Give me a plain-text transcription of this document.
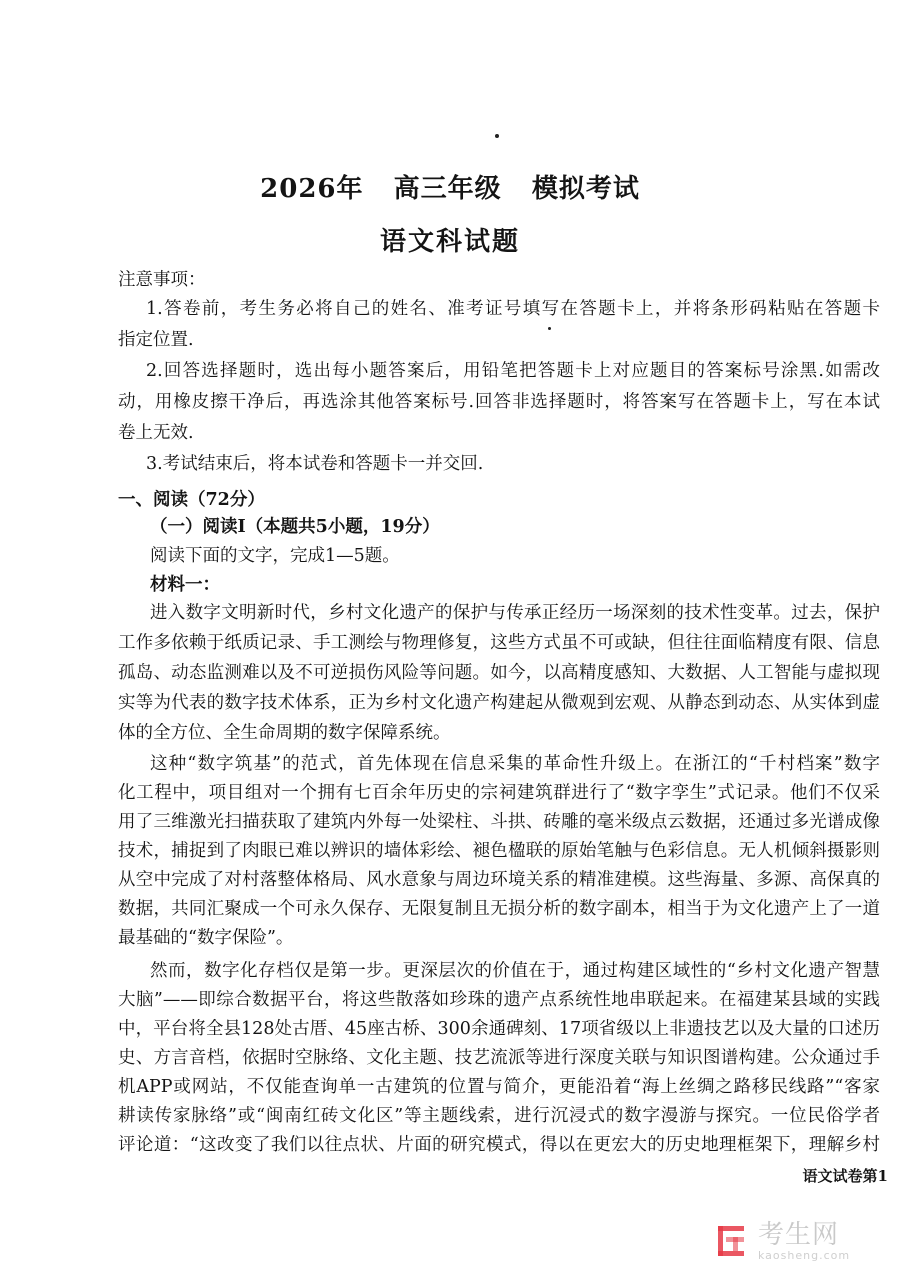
2026年   高三年级   模拟考试
语文科试题
注意事项：
1.答卷前，考生务必将自己的姓名、准考证号填写在答题卡上，并将条形码粘贴在答题卡
指定位置.
2.回答选择题时，选出每小题答案后，用铅笔把答题卡上对应题目的答案标号涂黑.如需改
动，用橡皮擦干净后，再选涂其他答案标号.回答非选择题时，将答案写在答题卡上，写在本试
卷上无效.
3.考试结束后，将本试卷和答题卡一并交回.
一、阅读（72分）
（一）阅读Ⅰ（本题共5小题，19分）
阅读下面的文字，完成1—5题。
材料一：
进入数字文明新时代，乡村文化遗产的保护与传承正经历一场深刻的技术性变革。过去，保护
工作多依赖于纸质记录、手工测绘与物理修复，这些方式虽不可或缺，但往往面临精度有限、信息
孤岛、动态监测难以及不可逆损伤风险等问题。如今，以高精度感知、大数据、人工智能与虚拟现
实等为代表的数字技术体系，正为乡村文化遗产构建起从微观到宏观、从静态到动态、从实体到虚
体的全方位、全生命周期的数字保障系统。
这种“数字筑基”的范式，首先体现在信息采集的革命性升级上。在浙江的“千村档案”数字
化工程中，项目组对一个拥有七百余年历史的宗祠建筑群进行了“数字孪生”式记录。他们不仅采
用了三维激光扫描获取了建筑内外每一处梁柱、斗拱、砖雕的毫米级点云数据，还通过多光谱成像
技术，捕捉到了肉眼已难以辨识的墙体彩绘、褪色楹联的原始笔触与色彩信息。无人机倾斜摄影则
从空中完成了对村落整体格局、风水意象与周边环境关系的精准建模。这些海量、多源、高保真的
数据，共同汇聚成一个可永久保存、无限复制且无损分析的数字副本，相当于为文化遗产上了一道
最基础的“数字保险”。
然而，数字化存档仅是第一步。更深层次的价值在于，通过构建区域性的“乡村文化遗产智慧
大脑”——即综合数据平台，将这些散落如珍珠的遗产点系统性地串联起来。在福建某县域的实践
中，平台将全县128处古厝、45座古桥、300余通碑刻、17项省级以上非遗技艺以及大量的口述历
史、方言音档，依据时空脉络、文化主题、技艺流派等进行深度关联与知识图谱构建。公众通过手
机APP或网站，不仅能查询单一古建筑的位置与简介，更能沿着“海上丝绸之路移民线路”“客家
耕读传家脉络”或“闽南红砖文化区”等主题线索，进行沉浸式的数字漫游与探究。一位民俗学者
评论道：“这改变了我们以往点状、片面的研究模式，得以在更宏大的历史地理框架下，理解乡村
语文试卷第1
考生网
kaosheng.com
